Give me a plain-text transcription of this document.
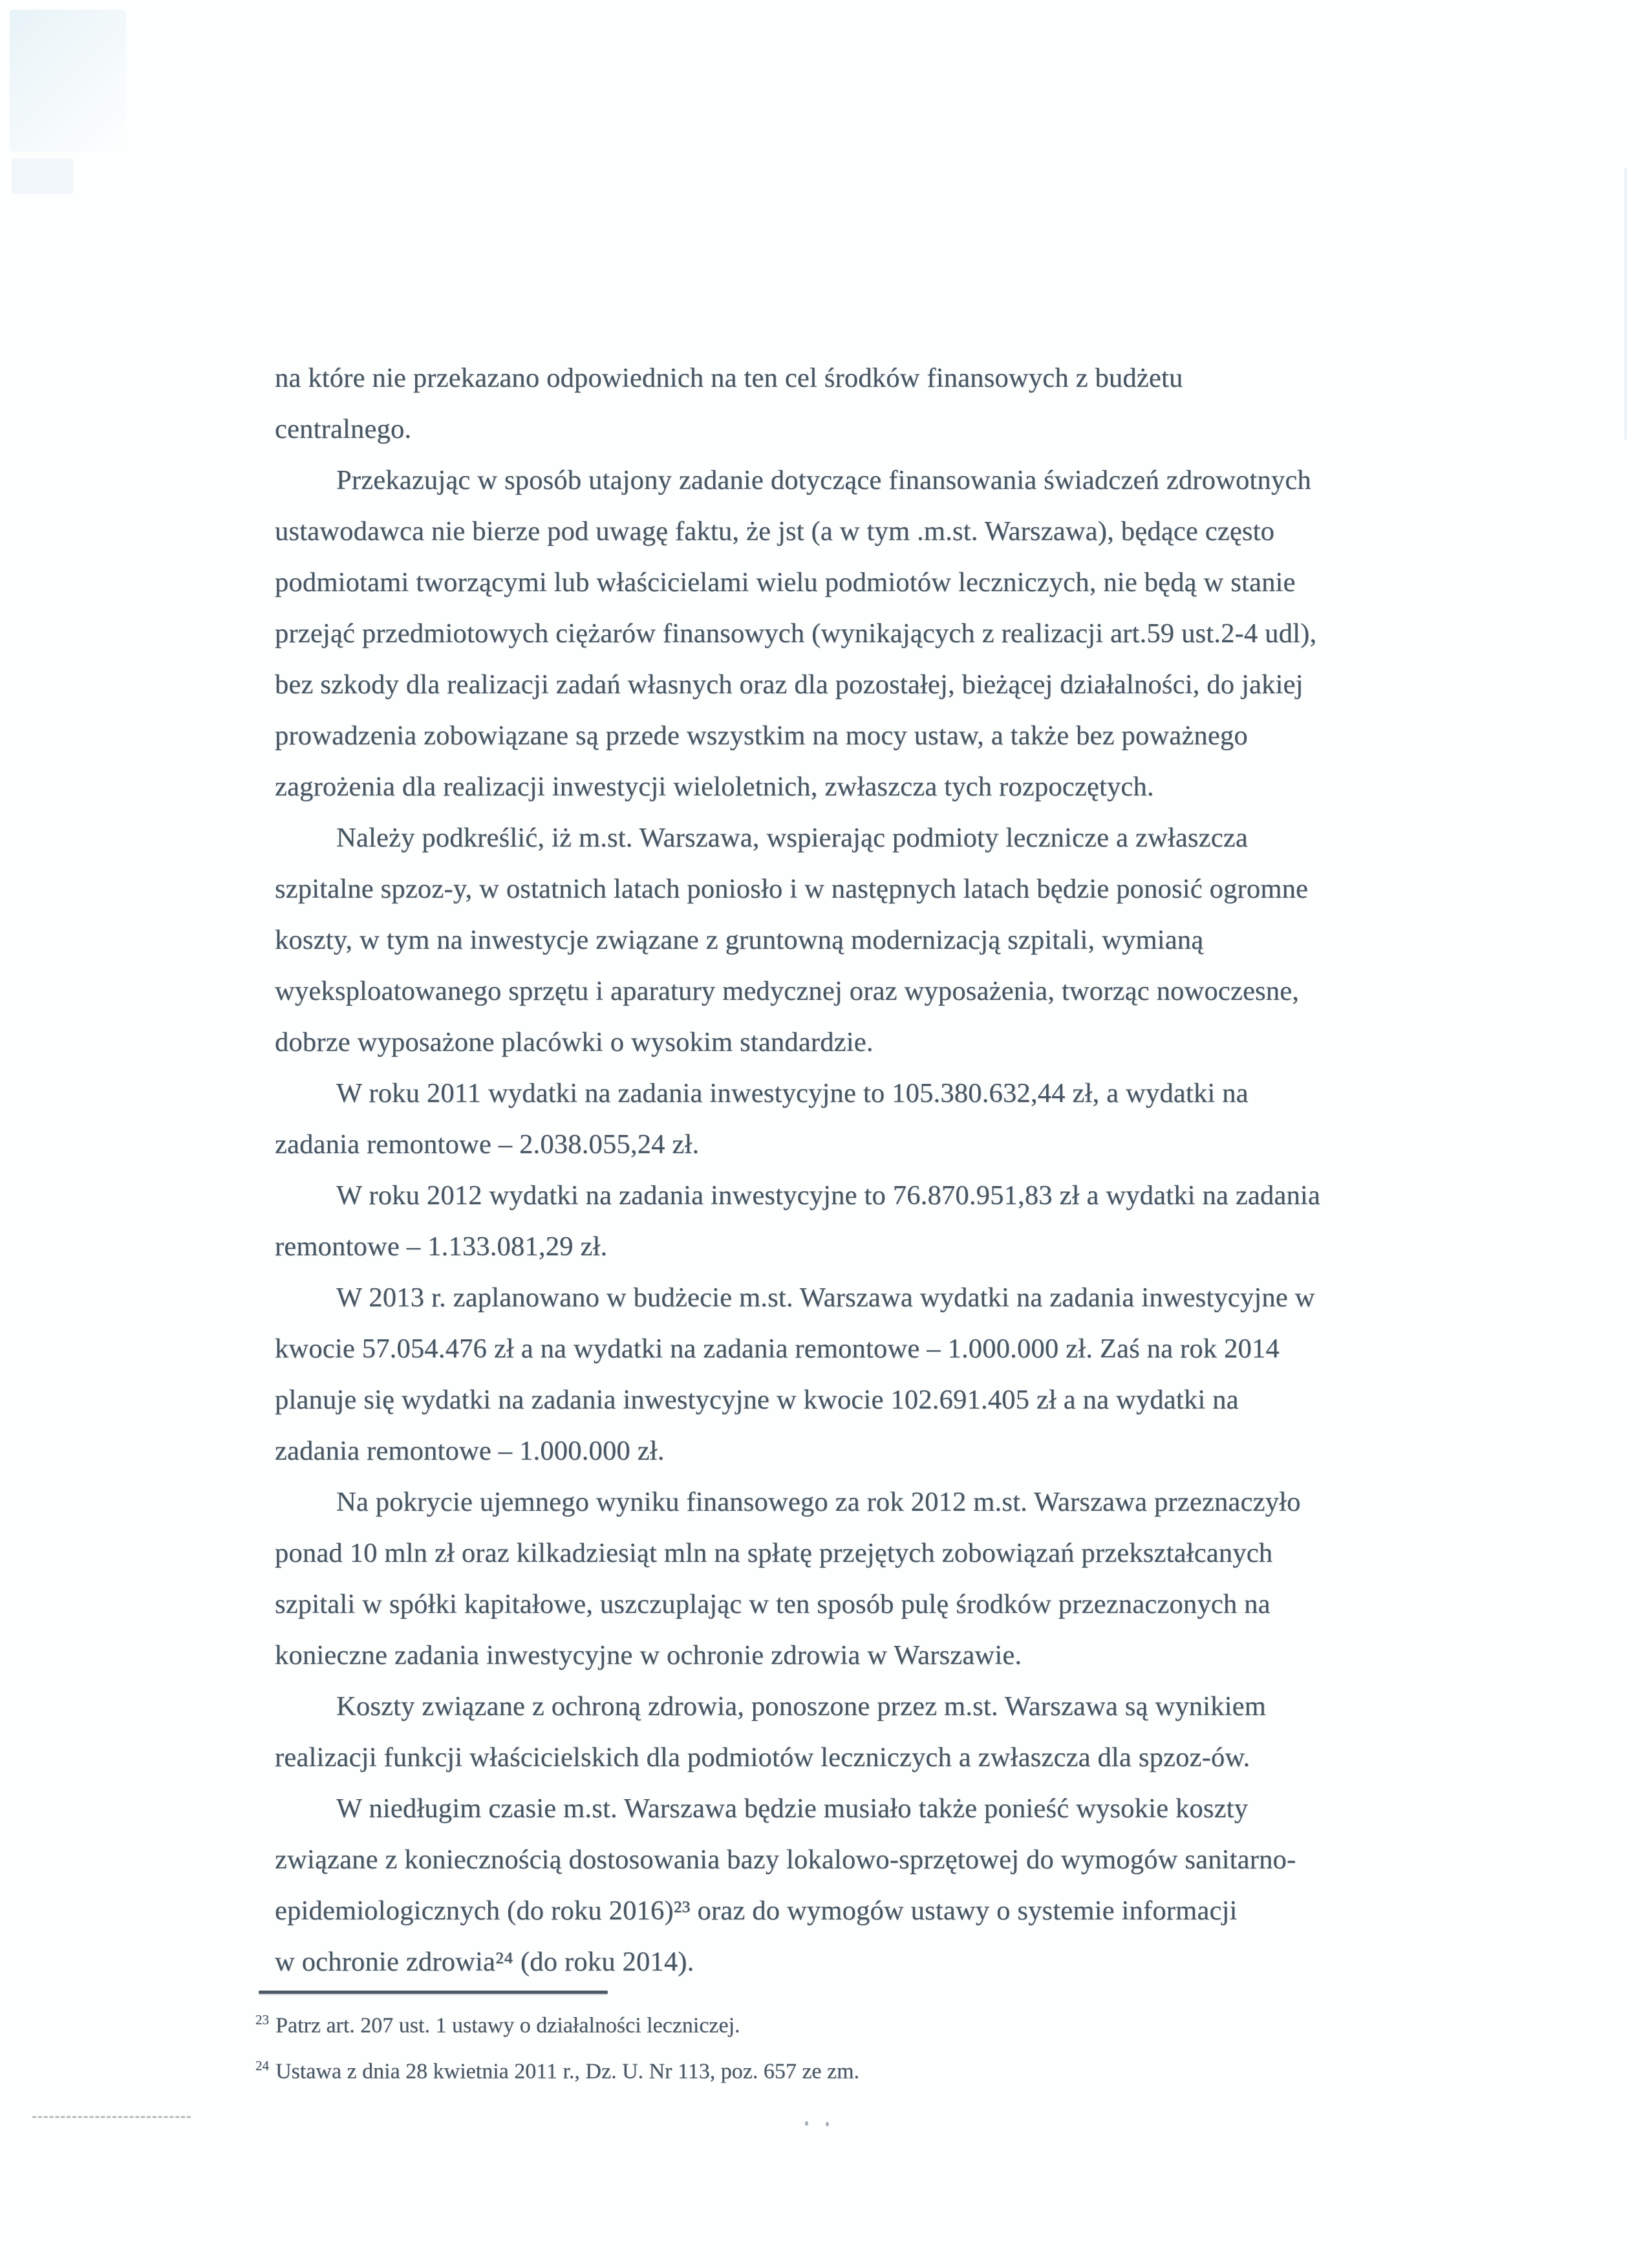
na które nie przekazano odpowiednich na ten cel środków finansowych z budżetu
centralnego.
Przekazując w sposób utajony zadanie dotyczące finansowania świadczeń zdrowotnych
ustawodawca nie bierze pod uwagę faktu, że jst (a w tym .m.st. Warszawa), będące często
podmiotami tworzącymi lub właścicielami wielu podmiotów leczniczych, nie będą w stanie
przejąć przedmiotowych ciężarów finansowych (wynikających z realizacji art.59 ust.2-4 udl),
bez szkody dla realizacji zadań własnych oraz dla pozostałej, bieżącej działalności, do jakiej
prowadzenia zobowiązane są przede wszystkim na mocy ustaw, a także bez poważnego
zagrożenia dla realizacji inwestycji wieloletnich, zwłaszcza tych rozpoczętych.
Należy podkreślić, iż m.st. Warszawa, wspierając podmioty lecznicze a zwłaszcza
szpitalne spzoz-y, w ostatnich latach poniosło i w następnych latach będzie ponosić ogromne
koszty, w tym na inwestycje związane z gruntowną modernizacją szpitali, wymianą
wyeksploatowanego sprzętu i aparatury medycznej oraz wyposażenia, tworząc nowoczesne,
dobrze wyposażone placówki o wysokim standardzie.
W roku 2011 wydatki na zadania inwestycyjne to 105.380.632,44 zł, a wydatki na
zadania remontowe – 2.038.055,24 zł.
W roku 2012 wydatki na zadania inwestycyjne to 76.870.951,83 zł a wydatki na zadania
remontowe – 1.133.081,29 zł.
W 2013 r. zaplanowano w budżecie m.st. Warszawa wydatki na zadania inwestycyjne w
kwocie 57.054.476 zł a na wydatki na zadania remontowe – 1.000.000 zł. Zaś na rok 2014
planuje się wydatki na zadania inwestycyjne w kwocie 102.691.405 zł a na wydatki na
zadania remontowe – 1.000.000 zł.
Na pokrycie ujemnego wyniku finansowego za rok 2012 m.st. Warszawa przeznaczyło
ponad 10 mln zł oraz kilkadziesiąt mln na spłatę przejętych zobowiązań przekształcanych
szpitali w spółki kapitałowe, uszczuplając w ten sposób pulę środków przeznaczonych na
konieczne zadania inwestycyjne w ochronie zdrowia w Warszawie.
Koszty związane z ochroną zdrowia, ponoszone przez m.st. Warszawa są wynikiem
realizacji funkcji właścicielskich dla podmiotów leczniczych a zwłaszcza dla spzoz-ów.
W niedługim czasie m.st. Warszawa będzie musiało także ponieść wysokie koszty
związane z koniecznością dostosowania bazy lokalowo-sprzętowej do wymogów sanitarno-
epidemiologicznych (do roku 2016)²³ oraz do wymogów ustawy o systemie informacji
w ochronie zdrowia²⁴ (do roku 2014).
$^{23}$ Patrz art. 207 ust. 1 ustawy o działalności leczniczej.
$^{24}$ Ustawa z dnia 28 kwietnia 2011 r., Dz. U. Nr 113, poz. 657 ze zm.
